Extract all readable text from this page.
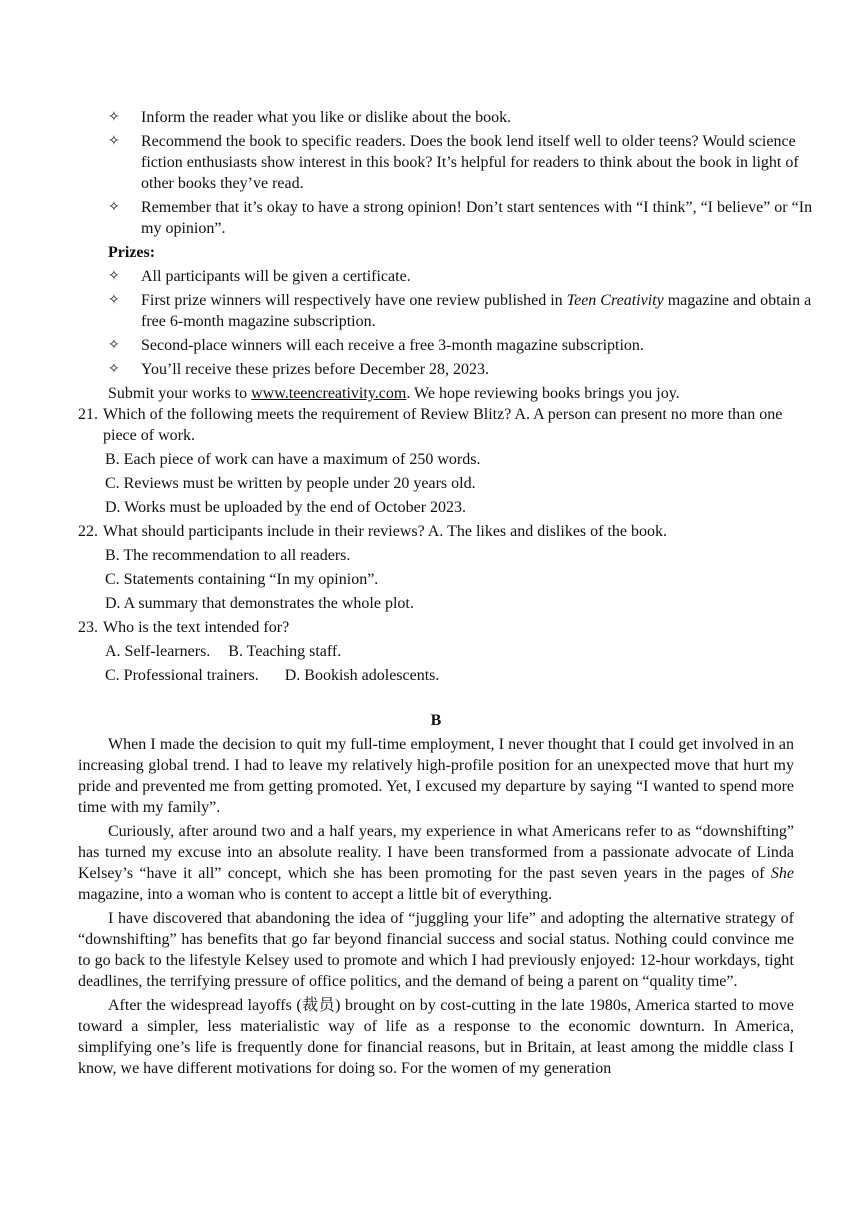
✧ Inform the reader what you like or dislike about the book.
✧ Recommend the book to specific readers. Does the book lend itself well to older teens? Would science fiction enthusiasts show interest in this book? It’s helpful for readers to think about the book in light of other books they’ve read.
✧ Remember that it’s okay to have a strong opinion! Don’t start sentences with “I think”, “I believe” or “In my opinion”.
Prizes:
✧ All participants will be given a certificate.
✧ First prize winners will respectively have one review published in Teen Creativity magazine and obtain a free 6-month magazine subscription.
✧ Second-place winners will each receive a free 3-month magazine subscription.
✧ You’ll receive these prizes before December 28, 2023.
Submit your works to www.teencreativity.com. We hope reviewing books brings you joy.
21. Which of the following meets the requirement of Review Blitz? A. A person can present no more than one piece of work.
B. Each piece of work can have a maximum of 250 words.
C. Reviews must be written by people under 20 years old.
D. Works must be uploaded by the end of October 2023.
22. What should participants include in their reviews? A. The likes and dislikes of the book.
B. The recommendation to all readers.
C. Statements containing “In my opinion”.
D. A summary that demonstrates the whole plot.
23. Who is the text intended for?
A. Self-learners. B. Teaching staff.
C. Professional trainers. D. Bookish adolescents.
B

When I made the decision to quit my full-time employment, I never thought that I could get involved in an increasing global trend. I had to leave my relatively high-profile position for an unexpected move that hurt my pride and prevented me from getting promoted. Yet, I excused my departure by saying “I wanted to spend more time with my family”.

Curiously, after around two and a half years, my experience in what Americans refer to as “downshifting” has turned my excuse into an absolute reality. I have been transformed from a passionate advocate of Linda Kelsey’s “have it all” concept, which she has been promoting for the past seven years in the pages of She magazine, into a woman who is content to accept a little bit of everything.

I have discovered that abandoning the idea of “juggling your life” and adopting the alternative strategy of “downshifting” has benefits that go far beyond financial success and social status. Nothing could convince me to go back to the lifestyle Kelsey used to promote and which I had previously enjoyed: 12-hour workdays, tight deadlines, the terrifying pressure of office politics, and the demand of being a parent on “quality time”.

After the widespread layoffs (裁员) brought on by cost-cutting in the late 1980s, America started to move toward a simpler, less materialistic way of life as a response to the economic downturn. In America, simplifying one’s life is frequently done for financial reasons, but in Britain, at least among the middle class I know, we have different motivations for doing so. For the women of my generation
